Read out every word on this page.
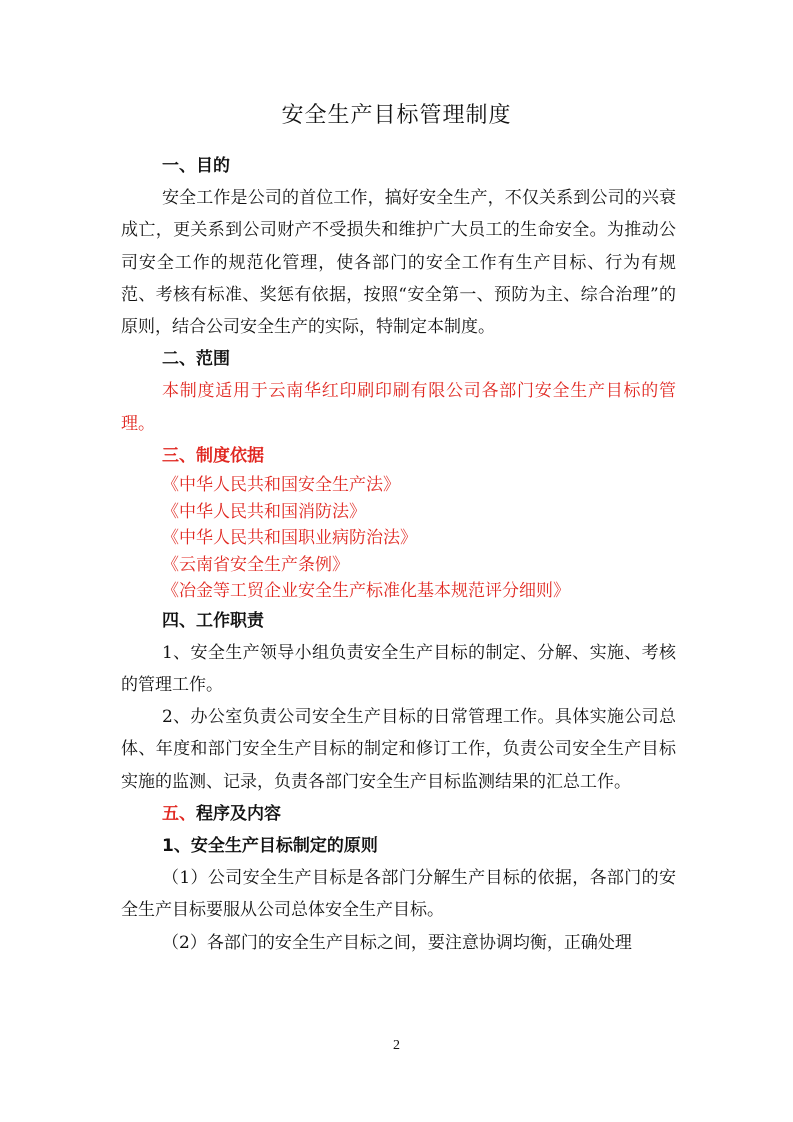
安全生产目标管理制度

一、目的

安全工作是公司的首位工作，搞好安全生产，不仅关系到公司的兴衰成亡，更关系到公司财产不受损失和维护广大员工的生命安全。为推动公司安全工作的规范化管理，使各部门的安全工作有生产目标、行为有规范、考核有标准、奖惩有依据，按照“安全第一、预防为主、综合治理”的原则，结合公司安全生产的实际，特制定本制度。

二、范围

本制度适用于云南华红印刷印刷有限公司各部门安全生产目标的管理。

三、制度依据

《中华人民共和国安全生产法》

《中华人民共和国消防法》

《中华人民共和国职业病防治法》

《云南省安全生产条例》

《冶金等工贸企业安全生产标准化基本规范评分细则》

四、工作职责

1、安全生产领导小组负责安全生产目标的制定、分解、实施、考核的管理工作。

2、办公室负责公司安全生产目标的日常管理工作。具体实施公司总体、年度和部门安全生产目标的制定和修订工作，负责公司安全生产目标实施的监测、记录，负责各部门安全生产目标监测结果的汇总工作。

五、程序及内容

1、安全生产目标制定的原则

（1）公司安全生产目标是各部门分解生产目标的依据，各部门的安全生产目标要服从公司总体安全生产目标。

（2）各部门的安全生产目标之间，要注意协调均衡，正确处理

2
